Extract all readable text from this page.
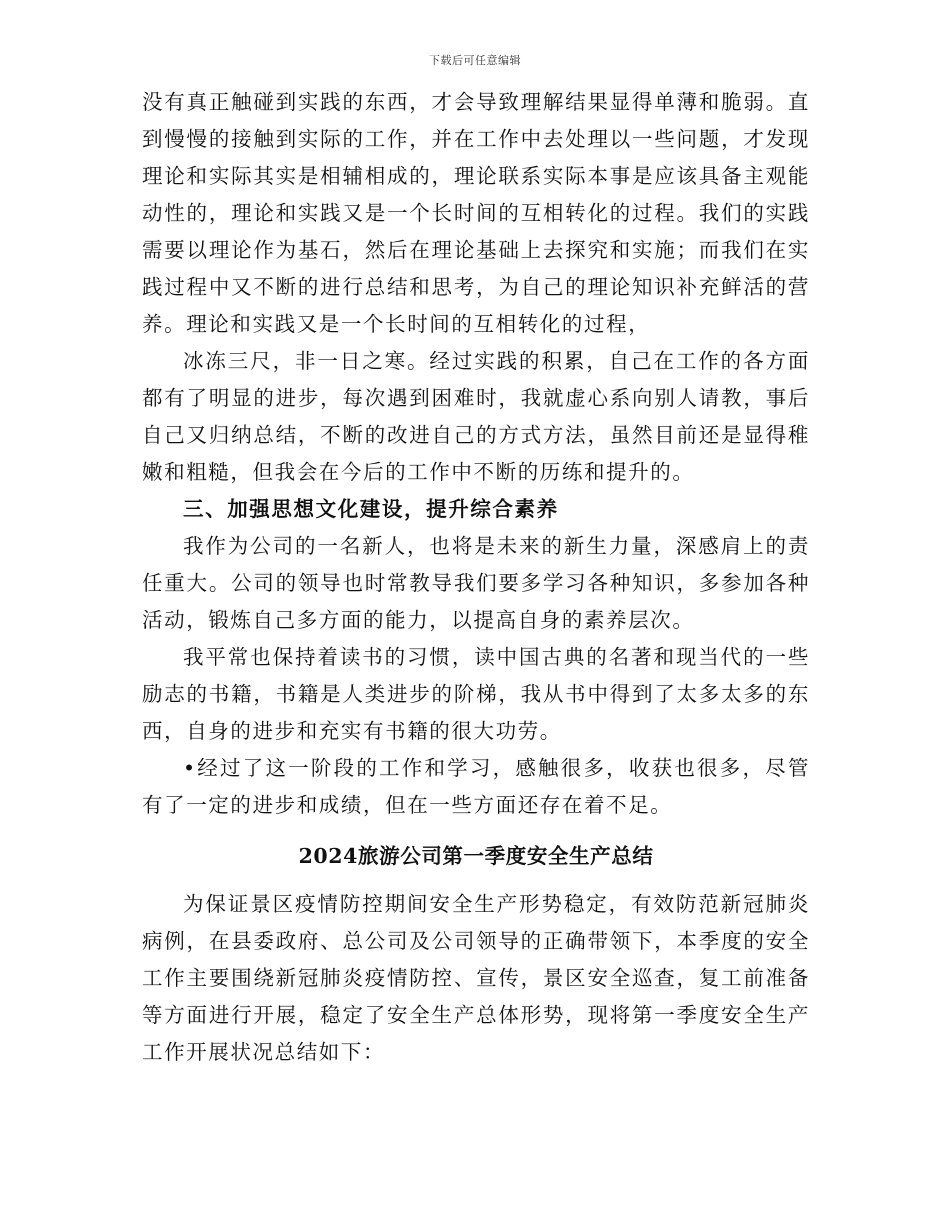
下载后可任意编辑

没有真正触碰到实践的东西，才会导致理解结果显得单薄和脆弱。直到慢慢的接触到实际的工作，并在工作中去处理以一些问题，才发现理论和实际其实是相辅相成的，理论联系实际本事是应该具备主观能动性的，理论和实践又是一个长时间的互相转化的过程。我们的实践需要以理论作为基石，然后在理论基础上去探究和实施；而我们在实践过程中又不断的进行总结和思考，为自己的理论知识补充鲜活的营养。理论和实践又是一个长时间的互相转化的过程，

冰冻三尺，非一日之寒。经过实践的积累，自己在工作的各方面都有了明显的进步，每次遇到困难时，我就虚心系向别人请教，事后自己又归纳总结，不断的改进自己的方式方法，虽然目前还是显得稚嫩和粗糙，但我会在今后的工作中不断的历练和提升的。

三、加强思想文化建设，提升综合素养

我作为公司的一名新人，也将是未来的新生力量，深感肩上的责任重大。公司的领导也时常教导我们要多学习各种知识，多参加各种活动，锻炼自己多方面的能力，以提高自身的素养层次。

我平常也保持着读书的习惯，读中国古典的名著和现当代的一些励志的书籍，书籍是人类进步的阶梯，我从书中得到了太多太多的东西，自身的进步和充实有书籍的很大功劳。

•经过了这一阶段的工作和学习，感触很多，收获也很多，尽管有了一定的进步和成绩，但在一些方面还存在着不足。

2024旅游公司第一季度安全生产总结

为保证景区疫情防控期间安全生产形势稳定，有效防范新冠肺炎病例，在县委政府、总公司及公司领导的正确带领下，本季度的安全工作主要围绕新冠肺炎疫情防控、宣传，景区安全巡查，复工前准备等方面进行开展，稳定了安全生产总体形势，现将第一季度安全生产工作开展状况总结如下：
